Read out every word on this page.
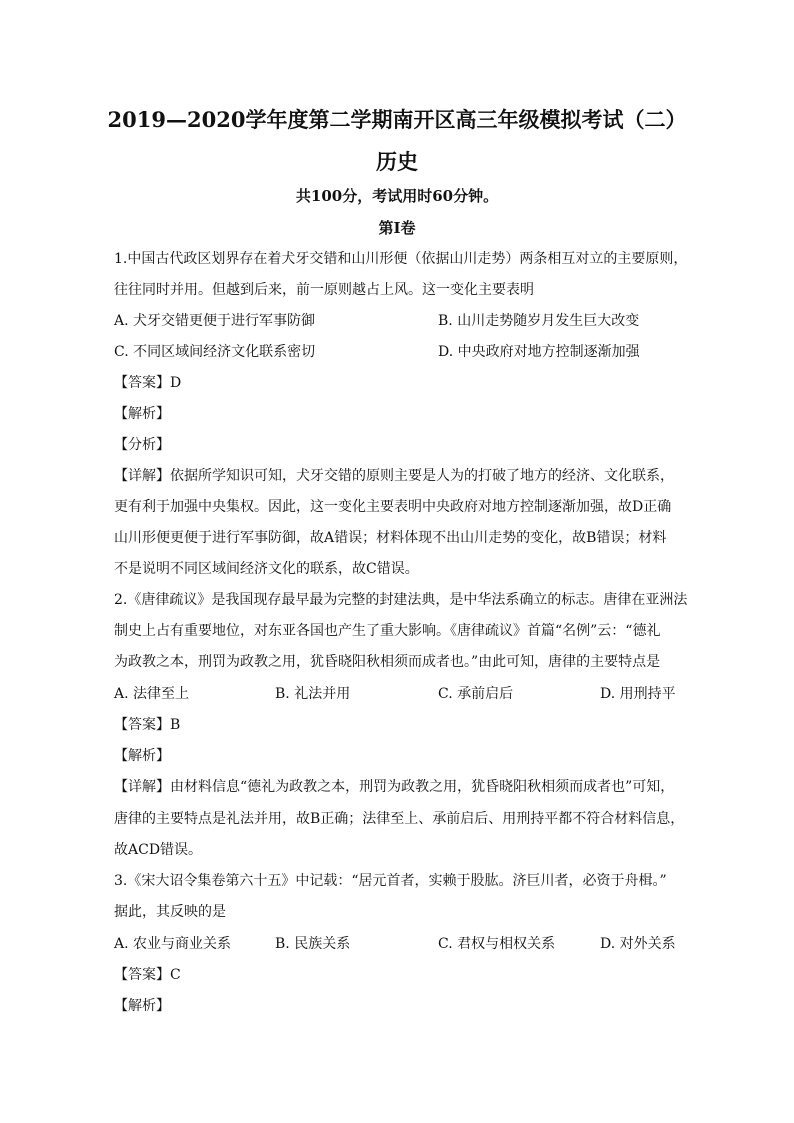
2019—2020学年度第二学期南开区高三年级模拟考试（二）
历史
共100分，考试用时60分钟。
第Ⅰ卷
1.中国古代政区划界存在着犬牙交错和山川形便（依据山川走势）两条相互对立的主要原则，
往往同时并用。但越到后来，前一原则越占上风。这一变化主要表明
A. 犬牙交错更便于进行军事防御	B. 山川走势随岁月发生巨大改变
C. 不同区域间经济文化联系密切	D. 中央政府对地方控制逐渐加强
【答案】D
【解析】
【分析】
【详解】依据所学知识可知，犬牙交错的原则主要是人为的打破了地方的经济、文化联系，
更有利于加强中央集权。因此，这一变化主要表明中央政府对地方控制逐渐加强，故D正确
山川形便更便于进行军事防御，故A错误；材料体现不出山川走势的变化，故B错误；材料
不是说明不同区域间经济文化的联系，故C错误。
2.《唐律疏议》是我国现存最早最为完整的封建法典，是中华法系确立的标志。唐律在亚洲法
制史上占有重要地位，对东亚各国也产生了重大影响。《唐律疏议》首篇“名例”云：“德礼
为政教之本，刑罚为政教之用，犹昏晓阳秋相须而成者也。”由此可知，唐律的主要特点是
A. 法律至上	B. 礼法并用	C. 承前启后	D. 用刑持平
【答案】B
【解析】
【详解】由材料信息“德礼为政教之本，刑罚为政教之用，犹昏晓阳秋相须而成者也”可知，
唐律的主要特点是礼法并用，故B正确；法律至上、承前启后、用刑持平都不符合材料信息，
故ACD错误。
3.《宋大诏令集卷第六十五》中记载：“居元首者，实赖于股肱。济巨川者，必资于舟楫。”
据此，其反映的是
A. 农业与商业关系	B. 民族关系	C. 君权与相权关系	D. 对外关系
【答案】C
【解析】
